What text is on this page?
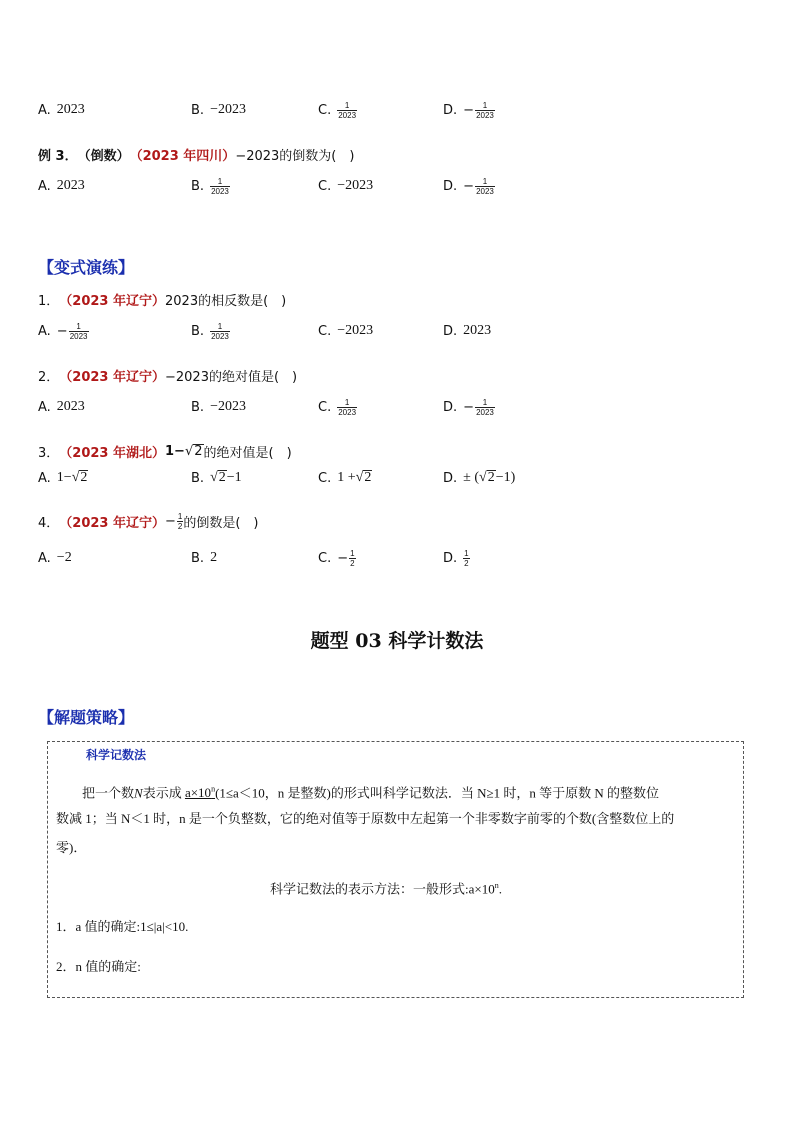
A. 2023	B. −2023	C. $\frac{1}{2023}$	D. − $\frac{1}{2023}$
例 3． （倒数） （2023 年四川） −2023的倒数为(　)
A. 2023	B. $\frac{1}{2023}$	C. −2023	D. − $\frac{1}{2023}$
【变式演练】
1． （2023 年辽宁） 2023的相反数是(　)
A. − $\frac{1}{2023}$	B. $\frac{1}{2023}$	C. −2023	D. 2023
2． （2023 年辽宁） −2023的绝对值是(　)
A. 2023	B. −2023	C. $\frac{1}{2023}$	D. − $\frac{1}{2023}$
3． （2023 年湖北） 1− √ 2 的绝对值是(　)
A. 1− √ 2	B. √ 2 −1	C. 1 + √ 2	D. ± ( √ 2 −1)
4． （2023 年辽宁） − $\frac{1}{2}$ 的倒数是(　)
A. −2	B. 2	C. − $\frac{1}{2}$	D. $\frac{1}{2}$
题型 03 科学计数法
【解题策略】
科学记数法

把一个数N表示成 $a\times 10^n(1\le a<10$，n 是整数)的形式叫科学记数法．当 N≥1 时，n 等于原数 N 的整数位

数减 1；当 N＜1 时，n 是一个负整数，它的绝对值等于原数中左起第一个非零数字前零的个数(含整数位上的

零)．

科学记数法的表示方法：一般形式$:a\times 10^n$.

1．a 值的确定:1≤|a|<10.

2．n 值的确定:
